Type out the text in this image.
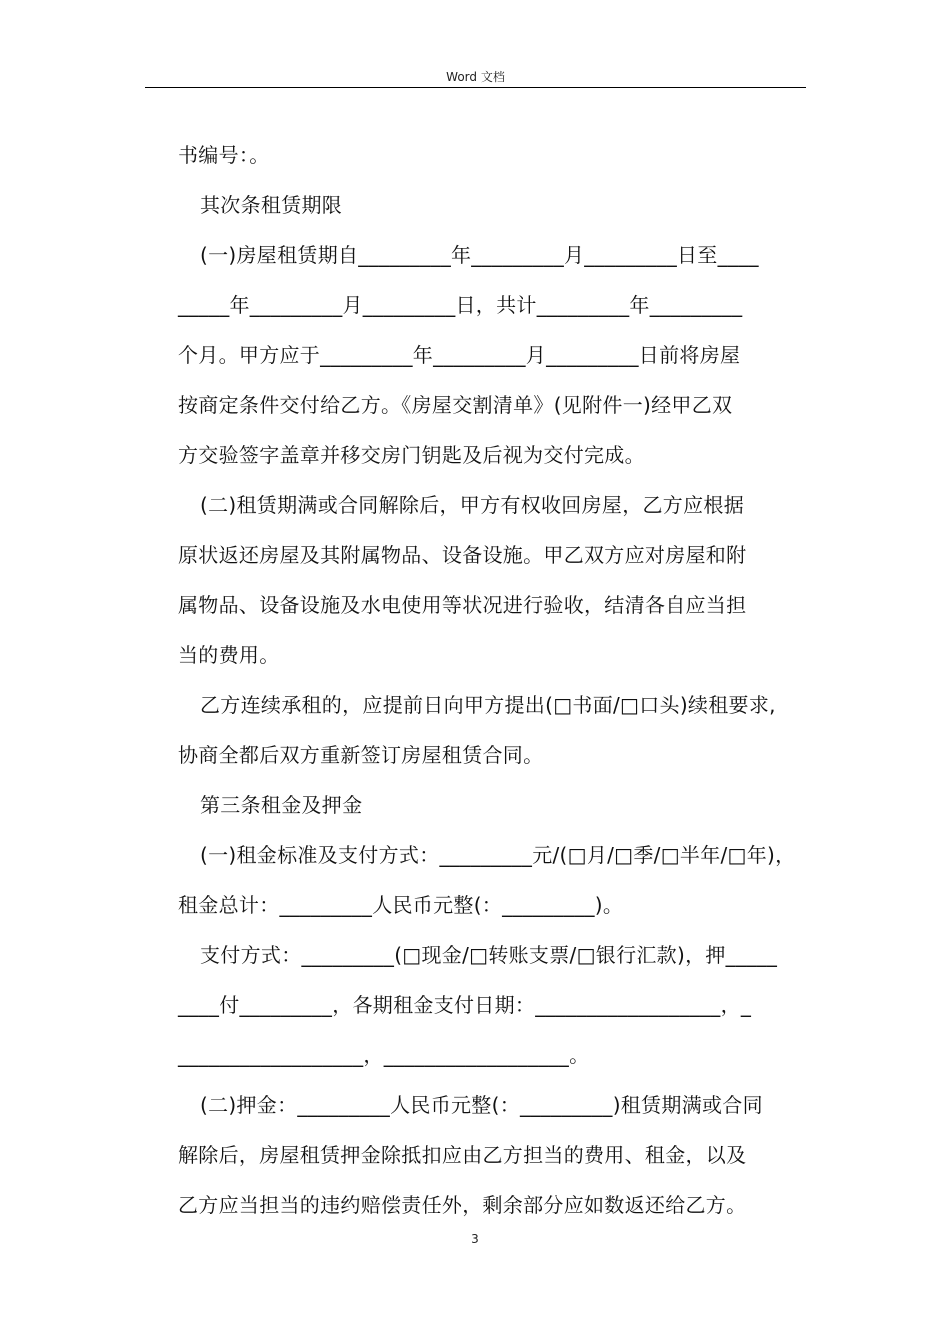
Word 文档
书编号：。
其次条租赁期限
(一)房屋租赁期自_________年_________月_________日至____
_____年_________月_________日，共计_________年_________
个月。甲方应于_________年_________月_________日前将房屋
按商定条件交付给乙方。《房屋交割清单》(见附件一)经甲乙双
方交验签字盖章并移交房门钥匙及后视为交付完成。
(二)租赁期满或合同解除后，甲方有权收回房屋，乙方应根据
原状返还房屋及其附属物品、设备设施。甲乙双方应对房屋和附
属物品、设备设施及水电使用等状况进行验收，结清各自应当担
当的费用。
乙方连续承租的，应提前日向甲方提出(□书面/□口头)续租要求,
协商全都后双方重新签订房屋租赁合同。
第三条租金及押金
(一)租金标准及支付方式：_________元/(□月/□季/□半年/□年)，
租金总计：_________人民币元整(：_________)。
支付方式：_________(□现金/□转账支票/□银行汇款)，押_____
____付_________，各期租金支付日期：__________________，_
__________________，__________________。
(二)押金：_________人民币元整(：_________)租赁期满或合同
解除后，房屋租赁押金除抵扣应由乙方担当的费用、租金，以及
乙方应当担当的违约赔偿责任外，剩余部分应如数返还给乙方。
3
